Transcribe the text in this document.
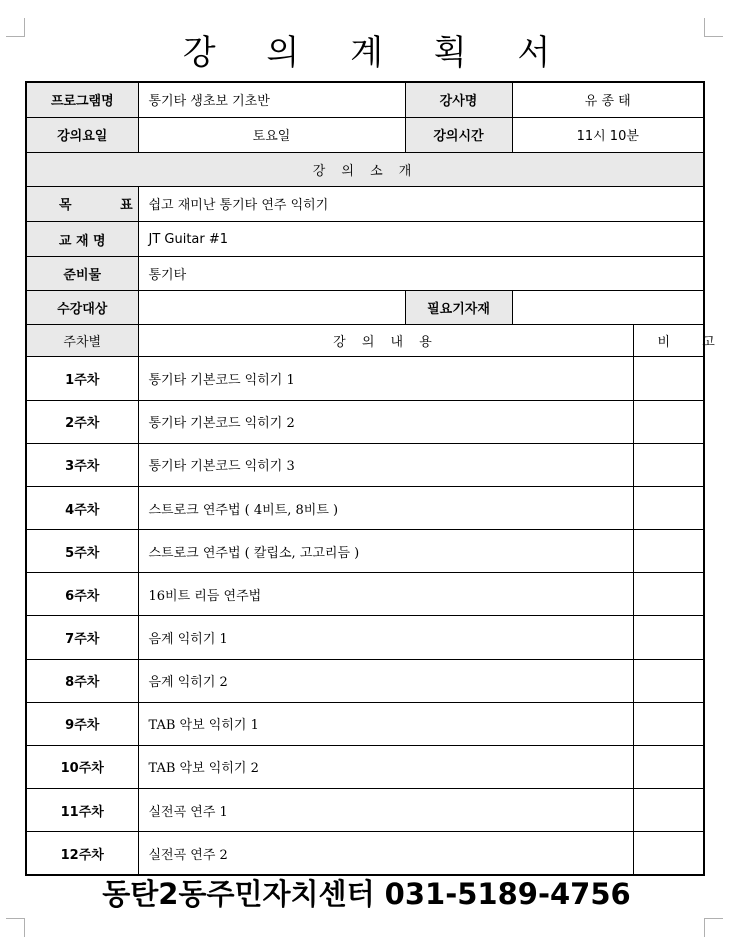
강 의 계 획 서
프로그램명	통기타 생초보 기초반	강사명	유 종 태	
강의요일	토요일	강의시간	11시 10분	
강 의 소 개				
목 표	쉽고 재미난 통기타 연주 익히기			
교 재 명	JT Guitar #1			
준비물	통기타			
수강대상		필요기자재		
주차별	강 의 내 용			비 고
1주차	통기타 기본코드 익히기 1			
2주차	통기타 기본코드 익히기 2			
3주차	통기타 기본코드 익히기 3			
4주차	스트로크 연주법 ( 4비트, 8비트 )			
5주차	스트로크 연주법 ( 칼립소, 고고리듬 )			
6주차	16비트 리듬 연주법			
7주차	음계 익히기 1			
8주차	음계 익히기 2			
9주차	TAB 악보 익히기 1			
10주차	TAB 악보 익히기 2			
11주차	실전곡 연주 1			
12주차	실전곡 연주 2			
동탄2동주민자치센터 031-5189-4756
